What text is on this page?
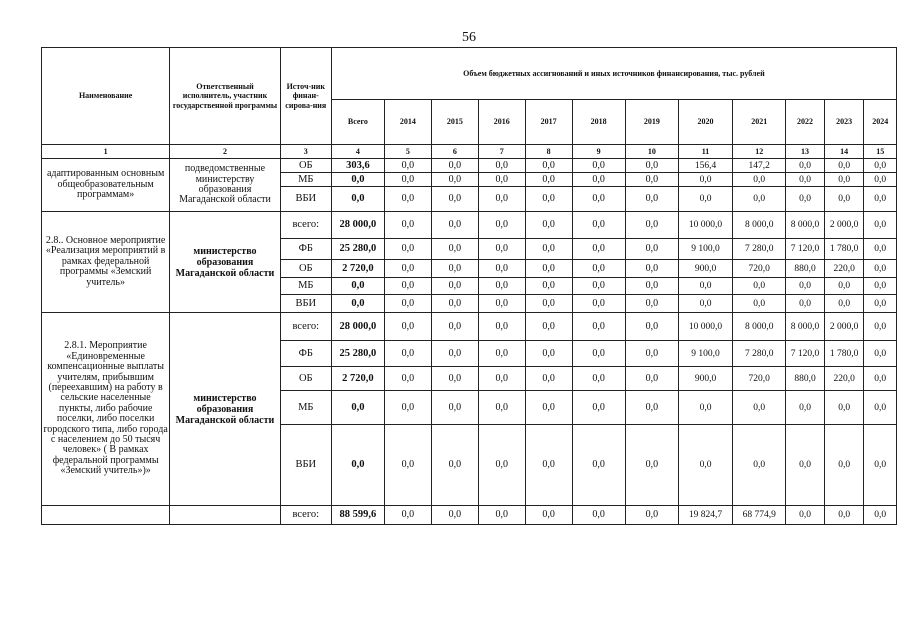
56
Наименование	Ответственный исполнитель, участник государственной программы	Источ-ник финан-сирова-ния	Объем бюджетных ассигнований и иных источников финансирования, тыс. рублей											
			Всего	2014	2015	2016	2017	2018	2019	2020	2021	2022	2023	2024
1	2	3	4	5	6	7	8	9	10	11	12	13	14	15
адаптированным основным общеобразовательным программам»	подведомственные министерству образования Магаданской области	ОБ	303,6	0,0	0,0	0,0	0,0	0,0	0,0	156,4	147,2	0,0	0,0	0,0
		МБ	0,0	0,0	0,0	0,0	0,0	0,0	0,0	0,0	0,0	0,0	0,0	0,0
		ВБИ	0,0	0,0	0,0	0,0	0,0	0,0	0,0	0,0	0,0	0,0	0,0	0,0
2.8.. Основное мероприятие «Реализация мероприятий в рамках федеральной программы «Земский учитель»	министерство образования Магаданской области	всего:	28 000,0	0,0	0,0	0,0	0,0	0,0	0,0	10 000,0	8 000,0	8 000,0	2 000,0	0,0
		ФБ	25 280,0	0,0	0,0	0,0	0,0	0,0	0,0	9 100,0	7 280,0	7 120,0	1 780,0	0,0
		ОБ	2 720,0	0,0	0,0	0,0	0,0	0,0	0,0	900,0	720,0	880,0	220,0	0,0
		МБ	0,0	0,0	0,0	0,0	0,0	0,0	0,0	0,0	0,0	0,0	0,0	0,0
		ВБИ	0,0	0,0	0,0	0,0	0,0	0,0	0,0	0,0	0,0	0,0	0,0	0,0
2.8.1. Мероприятие «Единовременные компенсационные выплаты учителям, прибывшим (переехавшим) на работу в сельские населенные пункты, либо рабочие поселки, либо поселки городского типа, либо города с населением до 50 тысяч человек» ( В рамках федеральной программы «Земский учитель»)»	министерство образования Магаданской области	всего:	28 000,0	0,0	0,0	0,0	0,0	0,0	0,0	10 000,0	8 000,0	8 000,0	2 000,0	0,0
		ФБ	25 280,0	0,0	0,0	0,0	0,0	0,0	0,0	9 100,0	7 280,0	7 120,0	1 780,0	0,0
		ОБ	2 720,0	0,0	0,0	0,0	0,0	0,0	0,0	900,0	720,0	880,0	220,0	0,0
		МБ	0,0	0,0	0,0	0,0	0,0	0,0	0,0	0,0	0,0	0,0	0,0	0,0
		ВБИ	0,0	0,0	0,0	0,0	0,0	0,0	0,0	0,0	0,0	0,0	0,0	0,0
		всего:	88 599,6	0,0	0,0	0,0	0,0	0,0	0,0	19 824,7	68 774,9	0,0	0,0	0,0
